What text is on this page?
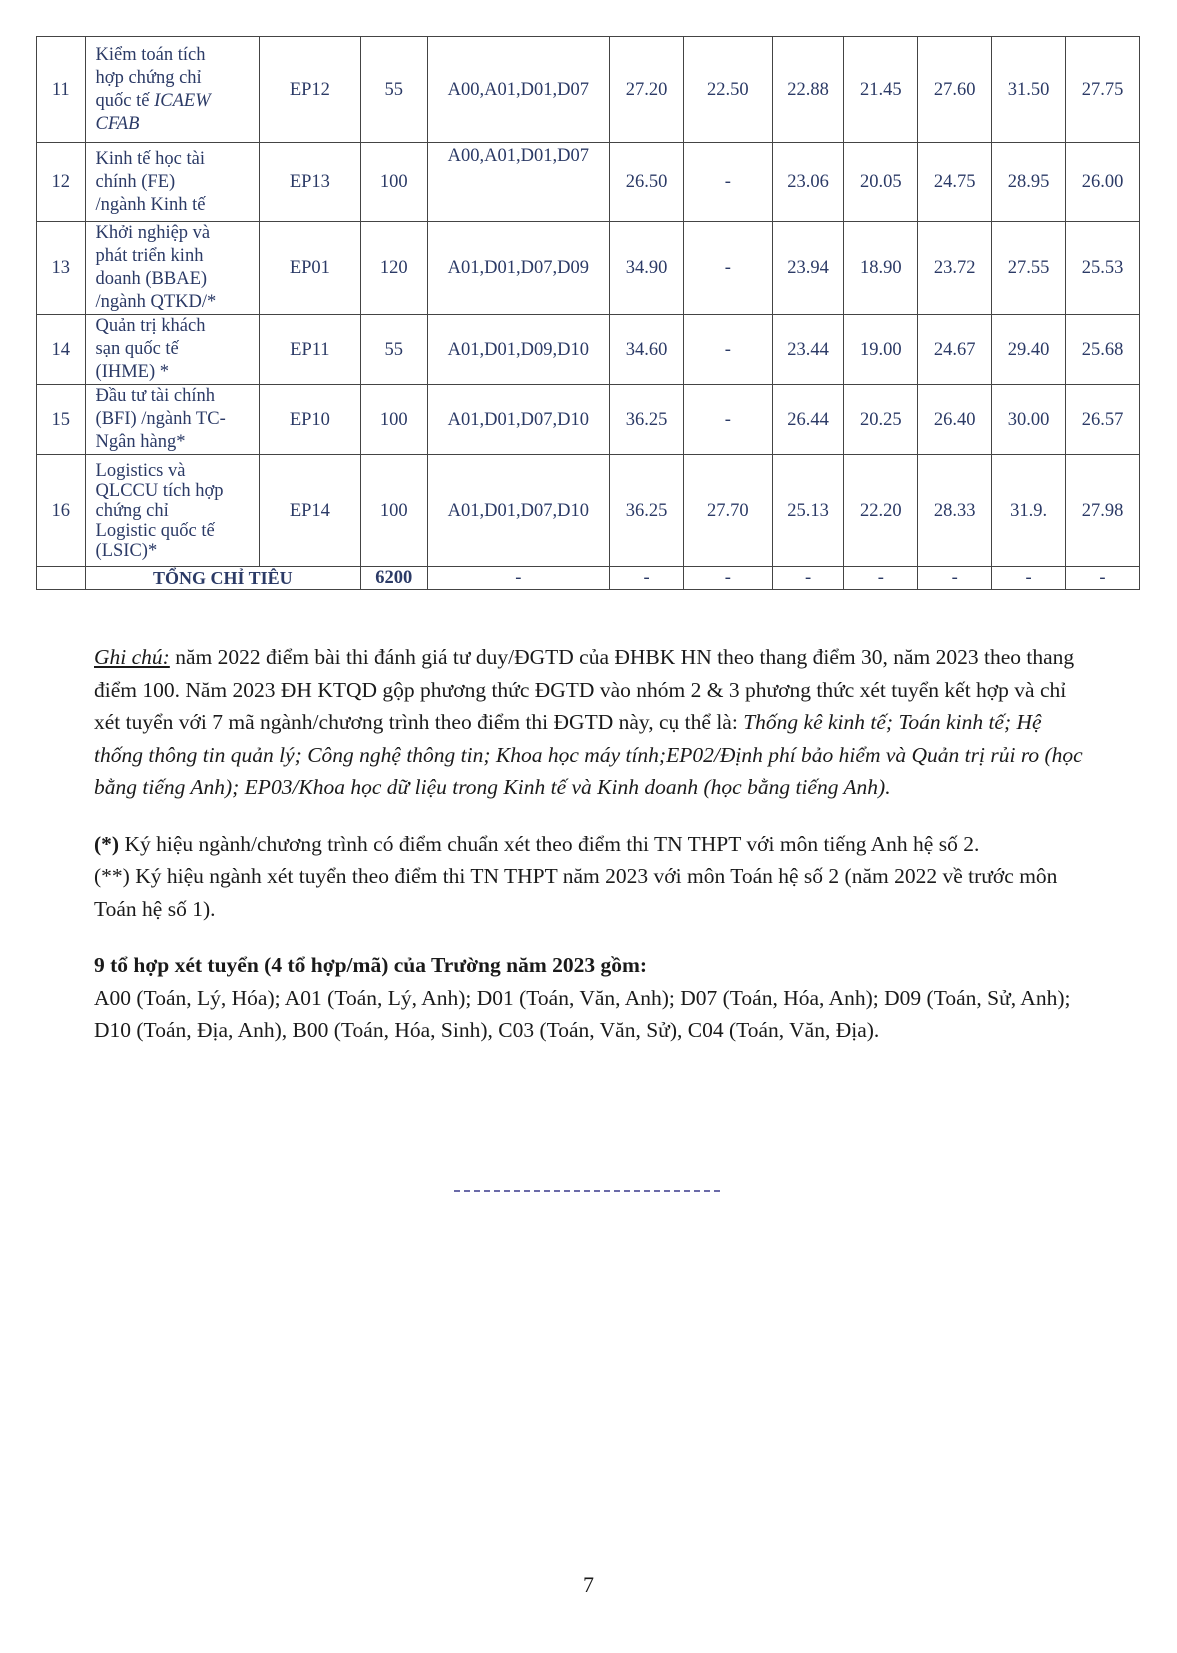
11	Kiểm toán tích
hợp chứng chỉ
quốc tế ICAEW
CFAB	EP12	55	A00,A01,D01,D07	27.20	22.50	22.88	21.45	27.60	31.50	27.75
12	Kinh tế học tài
chính (FE)
/ngành Kinh tế	EP13	100	A00,A01,D01,D07	26.50	-	23.06	20.05	24.75	28.95	26.00
13	Khởi nghiệp và
phát triển kinh
doanh (BBAE)
/ngành QTKD/*	EP01	120	A01,D01,D07,D09	34.90	-	23.94	18.90	23.72	27.55	25.53
14	Quản trị khách
sạn quốc tế
(IHME) *	EP11	55	A01,D01,D09,D10	34.60	-	23.44	19.00	24.67	29.40	25.68
15	Đầu tư tài chính
(BFI) /ngành TC-
Ngân hàng*	EP10	100	A01,D01,D07,D10	36.25	-	26.44	20.25	26.40	30.00	26.57
16	Logistics và
QLCCU tích hợp
chứng chỉ
Logistic quốc tế
(LSIC)*	EP14	100	A01,D01,D07,D10	36.25	27.70	25.13	22.20	28.33	31.9.	27.98
	TỔNG CHỈ TIÊU		6200	-	-	-	-	-	-	-	-

Ghi chú: năm 2022 điểm bài thi đánh giá tư duy/ĐGTD của ĐHBK HN theo thang điểm 30, năm 2023 theo thang điểm 100. Năm 2023 ĐH KTQD gộp phương thức ĐGTD vào nhóm 2 & 3 phương thức xét tuyển kết hợp và chỉ xét tuyển với 7 mã ngành/chương trình theo điểm thi ĐGTD này, cụ thể là: Thống kê kinh tế; Toán kinh tế; Hệ thống thông tin quản lý; Công nghệ thông tin; Khoa học máy tính;EP02/Định phí bảo hiểm và Quản trị rủi ro (học bằng tiếng Anh); EP03/Khoa học dữ liệu trong Kinh tế và Kinh doanh (học bằng tiếng Anh).

(*) Ký hiệu ngành/chương trình có điểm chuẩn xét theo điểm thi TN THPT với môn tiếng Anh hệ số 2.

(**) Ký hiệu ngành xét tuyển theo điểm thi TN THPT năm 2023 với môn Toán hệ số 2 (năm 2022 về trước môn Toán hệ số 1).

9 tổ hợp xét tuyển (4 tổ hợp/mã) của Trường năm 2023 gồm:

A00 (Toán, Lý, Hóa); A01 (Toán, Lý, Anh); D01 (Toán, Văn, Anh); D07 (Toán, Hóa, Anh); D09 (Toán, Sử, Anh); D10 (Toán, Địa, Anh), B00 (Toán, Hóa, Sinh), C03 (Toán, Văn, Sử), C04 (Toán, Văn, Địa).

7
